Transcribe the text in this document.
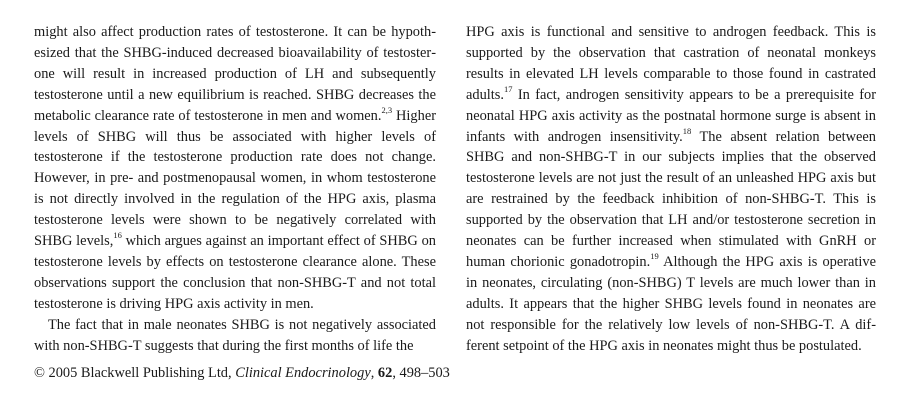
might also affect production rates of testosterone. It can be hypothesized that the SHBG-induced decreased bioavailability of testosterone will result in increased production of LH and subsequently testosterone until a new equilibrium is reached. SHBG decreases the metabolic clearance rate of testosterone in men and women.$^{2,3}$ Higher levels of SHBG will thus be associated with higher levels of testosterone if the testosterone production rate does not change. However, in pre- and postmenopausal women, in whom testosterone is not directly involved in the regulation of the HPG axis, plasma testosterone levels were shown to be negatively correlated with SHBG levels,$^{16}$ which argues against an important effect of SHBG on testosterone levels by effects on testosterone clearance alone. These observations support the conclusion that non-SHBG-T and not total testosterone is driving HPG axis activity in men.

The fact that in male neonates SHBG is not negatively associated with non-SHBG-T suggests that during the first months of life the

HPG axis is functional and sensitive to androgen feedback. This is supported by the observation that castration of neonatal monkeys results in elevated LH levels comparable to those found in castrated adults.$^{17}$ In fact, androgen sensitivity appears to be a prerequisite for neonatal HPG axis activity as the postnatal hormone surge is absent in infants with androgen insensitivity.$^{18}$ The absent relation between SHBG and non-SHBG-T in our subjects implies that the observed testosterone levels are not just the result of an unleashed HPG axis but are restrained by the feedback inhibition of non-SHBG-T. This is supported by the observation that LH and/or testosterone secretion in neonates can be further increased when stimulated with GnRH or human chorionic gonadotropin.$^{19}$ Although the HPG axis is operative in neonates, circulating (non-SHBG) T levels are much lower than in adults. It appears that the higher SHBG levels found in neonates are not responsible for the relatively low levels of non-SHBG-T. A different setpoint of the HPG axis in neonates might thus be postulated.

© 2005 Blackwell Publishing Ltd, Clinical Endocrinology, 62, 498–503
